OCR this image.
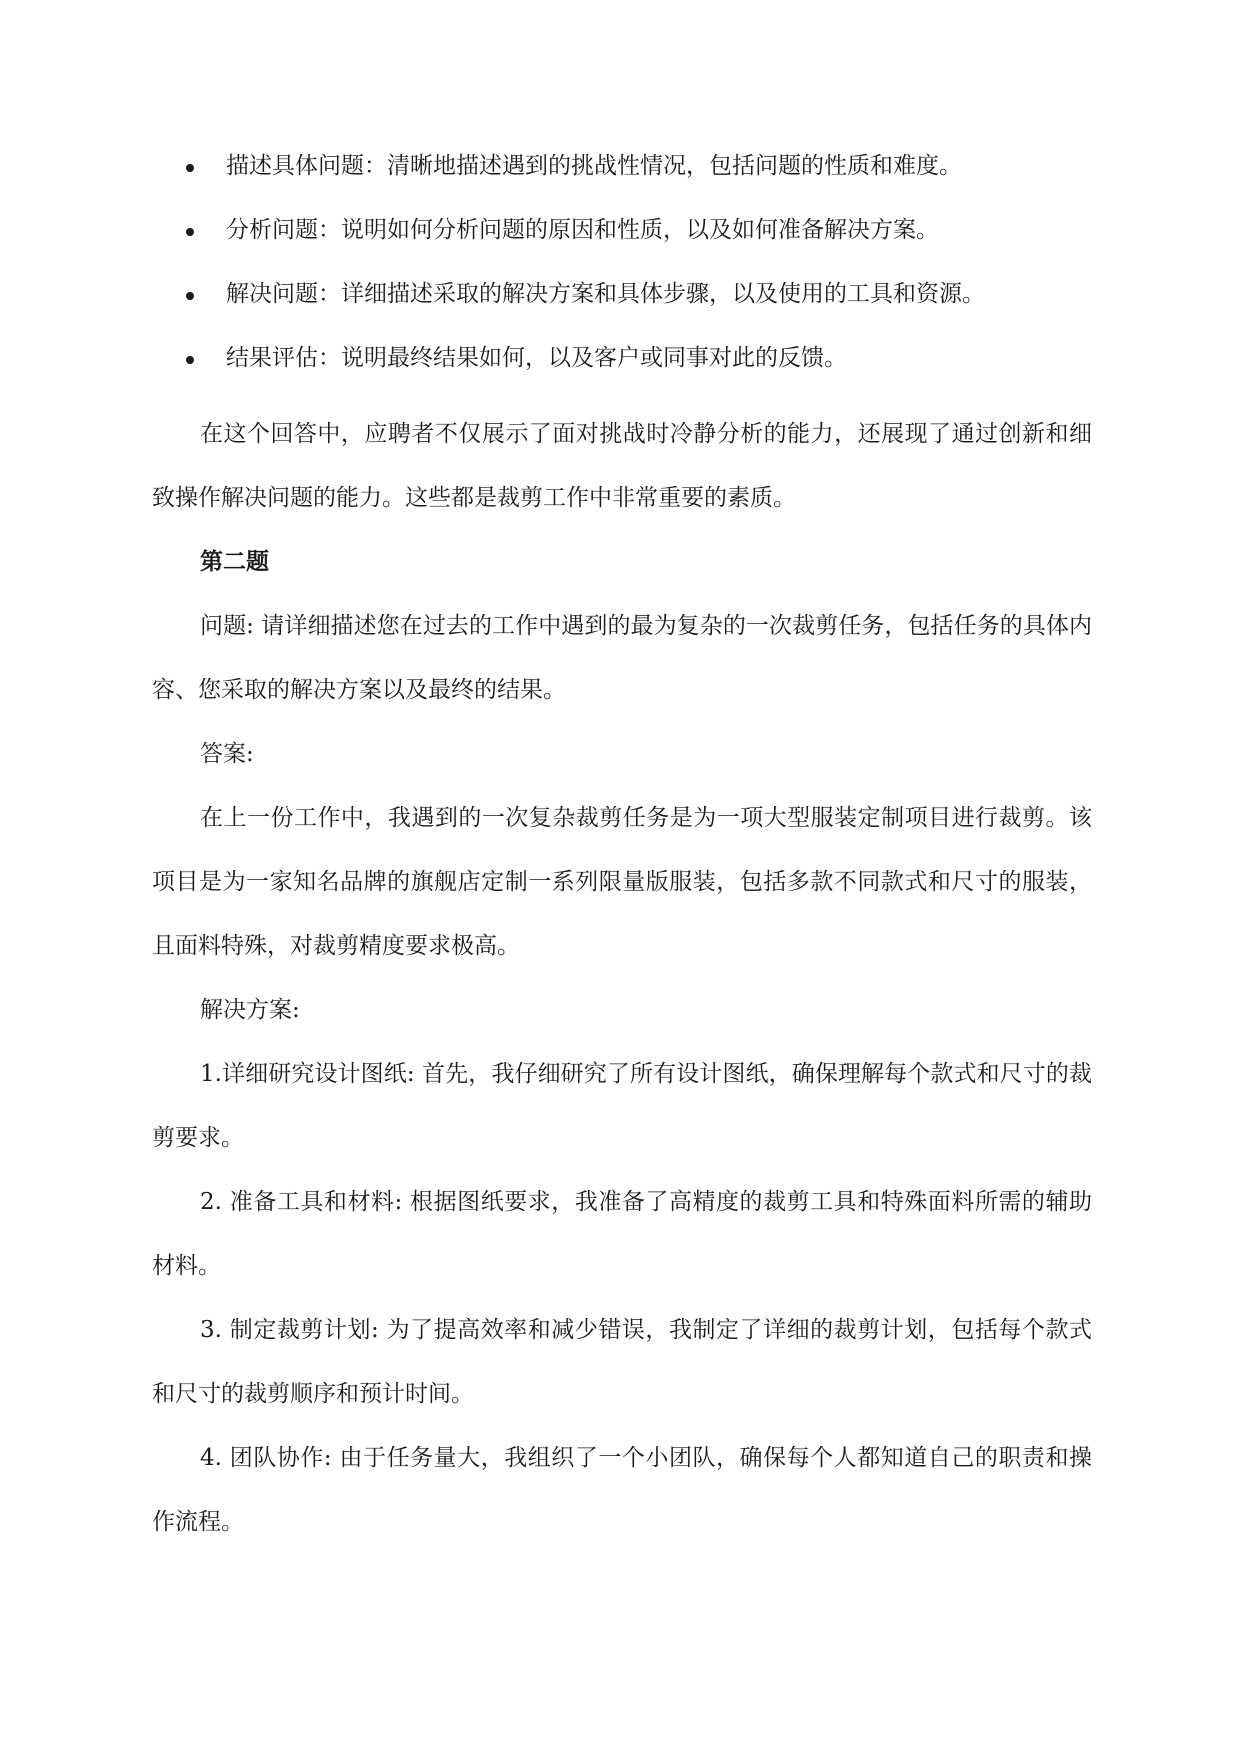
描述具体问题：清晰地描述遇到的挑战性情况，包括问题的性质和难度。
分析问题：说明如何分析问题的原因和性质，以及如何准备解决方案。
解决问题：详细描述采取的解决方案和具体步骤，以及使用的工具和资源。
结果评估：说明最终结果如何，以及客户或同事对此的反馈。

在这个回答中，应聘者不仅展示了面对挑战时冷静分析的能力，还展现了通过创新和细致操作解决问题的能力。这些都是裁剪工作中非常重要的素质。

第二题

问题: 请详细描述您在过去的工作中遇到的最为复杂的一次裁剪任务，包括任务的具体内容、您采取的解决方案以及最终的结果。

答案:

在上一份工作中，我遇到的一次复杂裁剪任务是为一项大型服装定制项目进行裁剪。该项目是为一家知名品牌的旗舰店定制一系列限量版服装，包括多款不同款式和尺寸的服装，且面料特殊，对裁剪精度要求极高。

解决方案:

1.详细研究设计图纸: 首先，我仔细研究了所有设计图纸，确保理解每个款式和尺寸的裁剪要求。

2. 准备工具和材料: 根据图纸要求，我准备了高精度的裁剪工具和特殊面料所需的辅助材料。

3. 制定裁剪计划: 为了提高效率和减少错误，我制定了详细的裁剪计划，包括每个款式和尺寸的裁剪顺序和预计时间。

4. 团队协作: 由于任务量大，我组织了一个小团队，确保每个人都知道自己的职责和操作流程。
